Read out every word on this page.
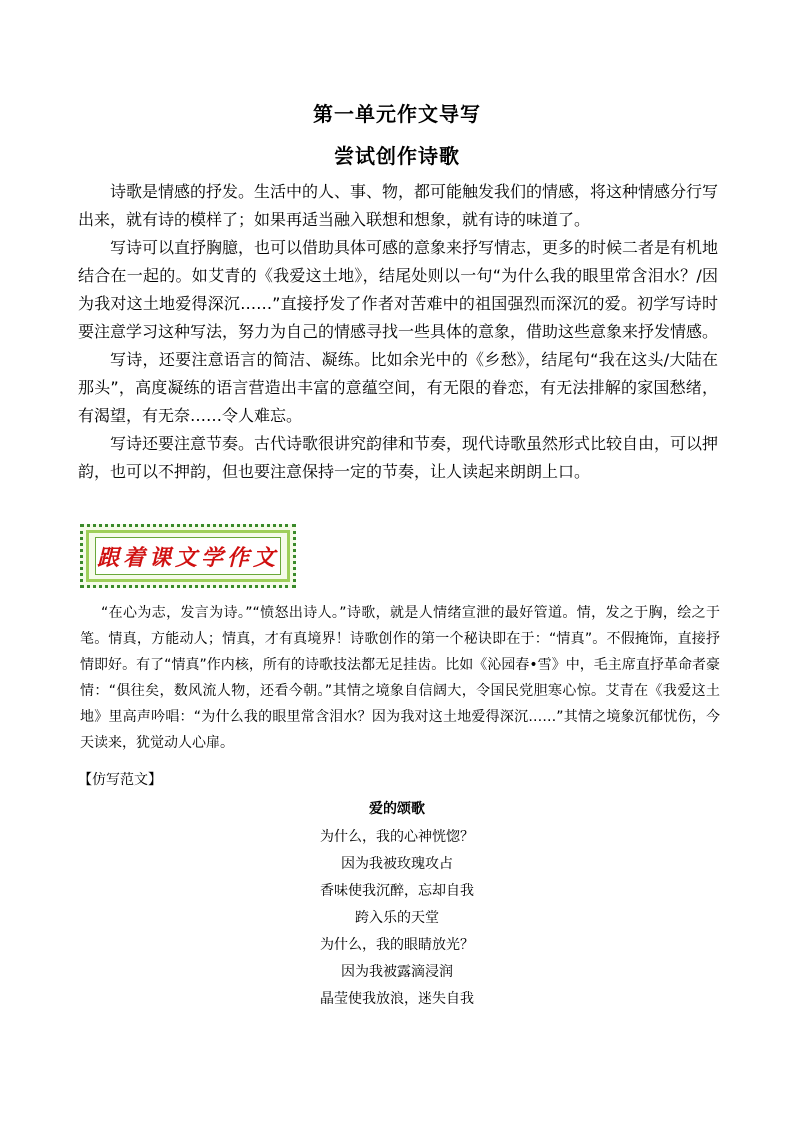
第一单元作文导写
尝试创作诗歌

诗歌是情感的抒发。生活中的人、事、物，都可能触发我们的情感，将这种情感分行写出来，就有诗的模样了；如果再适当融入联想和想象，就有诗的味道了。

写诗可以直抒胸臆，也可以借助具体可感的意象来抒写情志，更多的时候二者是有机地结合在一起的。如艾青的《我爱这土地》，结尾处则以一句“为什么我的眼里常含泪水？/因为我对这土地爱得深沉……”直接抒发了作者对苦难中的祖国强烈而深沉的爱。初学写诗时要注意学习这种写法，努力为自己的情感寻找一些具体的意象，借助这些意象来抒发情感。

写诗，还要注意语言的简洁、凝练。比如余光中的《乡愁》，结尾句“我在这头/大陆在那头”，高度凝练的语言营造出丰富的意蕴空间，有无限的眷恋，有无法排解的家国愁绪，有渴望，有无奈……令人难忘。

写诗还要注意节奏。古代诗歌很讲究韵律和节奏，现代诗歌虽然形式比较自由，可以押韵，也可以不押韵，但也要注意保持一定的节奏，让人读起来朗朗上口。

跟着课文学作文

“在心为志，发言为诗。”“愤怒出诗人。”诗歌，就是人情绪宣泄的最好管道。情，发之于胸，绘之于笔。情真，方能动人；情真，才有真境界！诗歌创作的第一个秘诀即在于：“情真”。不假掩饰，直接抒情即好。有了“情真”作内核，所有的诗歌技法都无足挂齿。比如《沁园春•雪》中，毛主席直抒革命者豪情：“俱往矣，数风流人物，还看今朝。”其情之境象自信阔大，令国民党胆寒心惊。艾青在《我爱这土地》里高声吟唱：“为什么我的眼里常含泪水？因为我对这土地爱得深沉……”其情之境象沉郁忧伤，今天读来，犹觉动人心扉。

【仿写范文】
爱的颂歌
为什么，我的心神恍惚？
因为我被玫瑰攻占
香味使我沉醉，忘却自我
跨入乐的天堂
为什么，我的眼睛放光？
因为我被露滴浸润
晶莹使我放浪，迷失自我
